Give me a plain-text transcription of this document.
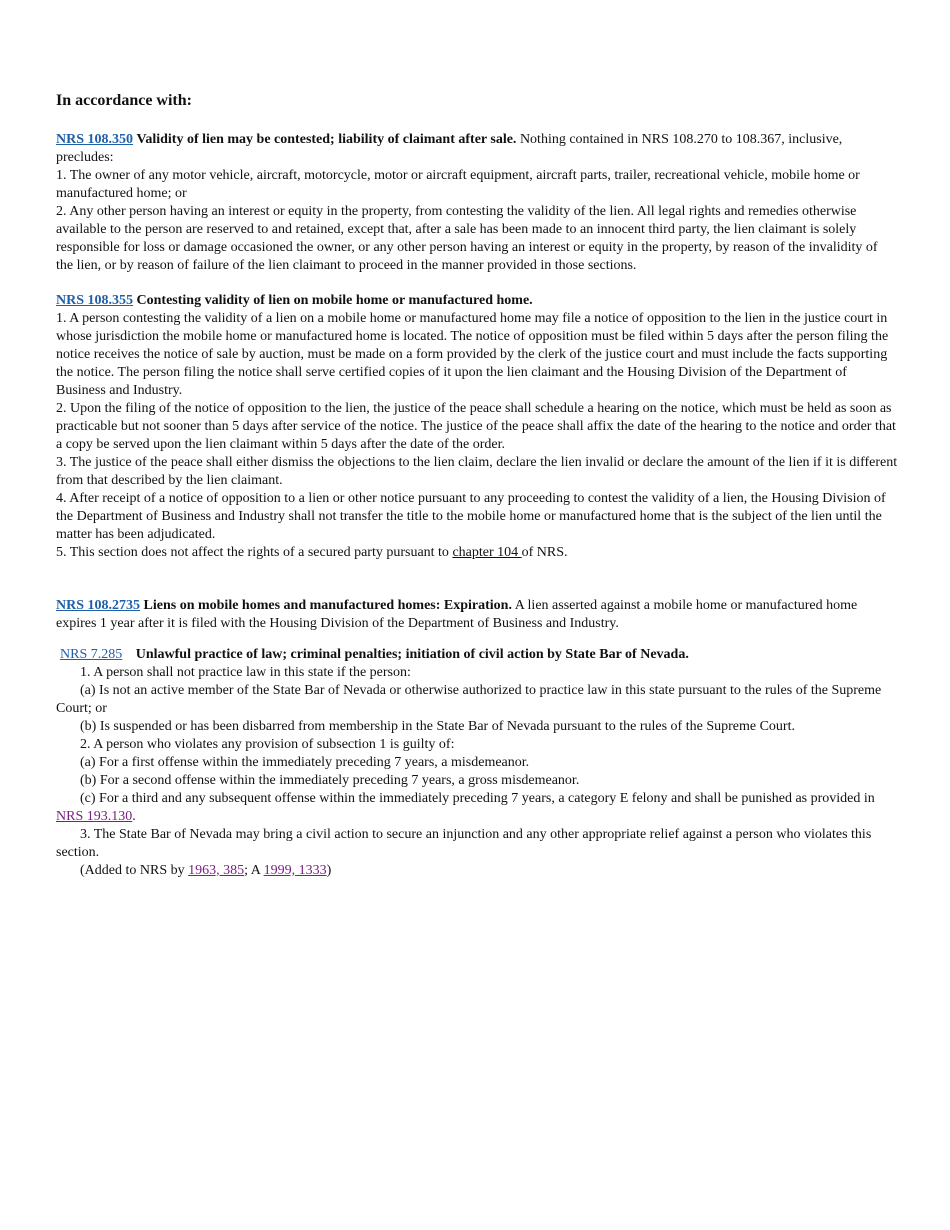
In accordance with:
NRS 108.350 Validity of lien may be contested; liability of claimant after sale. Nothing contained in NRS 108.270 to 108.367, inclusive, precludes:
1. The owner of any motor vehicle, aircraft, motorcycle, motor or aircraft equipment, aircraft parts, trailer, recreational vehicle, mobile home or manufactured home; or
2. Any other person having an interest or equity in the property, from contesting the validity of the lien. All legal rights and remedies otherwise available to the person are reserved to and retained, except that, after a sale has been made to an innocent third party, the lien claimant is solely responsible for loss or damage occasioned the owner, or any other person having an interest or equity in the property, by reason of the invalidity of the lien, or by reason of failure of the lien claimant to proceed in the manner provided in those sections.
NRS 108.355 Contesting validity of lien on mobile home or manufactured home.
1. A person contesting the validity of a lien on a mobile home or manufactured home may file a notice of opposition to the lien in the justice court in whose jurisdiction the mobile home or manufactured home is located. The notice of opposition must be filed within 5 days after the person filing the notice receives the notice of sale by auction, must be made on a form provided by the clerk of the justice court and must include the facts supporting the notice. The person filing the notice shall serve certified copies of it upon the lien claimant and the Housing Division of the Department of Business and Industry.
2. Upon the filing of the notice of opposition to the lien, the justice of the peace shall schedule a hearing on the notice, which must be held as soon as practicable but not sooner than 5 days after service of the notice. The justice of the peace shall affix the date of the hearing to the notice and order that a copy be served upon the lien claimant within 5 days after the date of the order.
3. The justice of the peace shall either dismiss the objections to the lien claim, declare the lien invalid or declare the amount of the lien if it is different from that described by the lien claimant.
4. After receipt of a notice of opposition to a lien or other notice pursuant to any proceeding to contest the validity of a lien, the Housing Division of the Department of Business and Industry shall not transfer the title to the mobile home or manufactured home that is the subject of the lien until the matter has been adjudicated.
5. This section does not affect the rights of a secured party pursuant to chapter 104 of NRS.
NRS 108.2735 Liens on mobile homes and manufactured homes: Expiration. A lien asserted against a mobile home or manufactured home expires 1 year after it is filed with the Housing Division of the Department of Business and Industry.
NRS 7.285 Unlawful practice of law; criminal penalties; initiation of civil action by State Bar of Nevada.
1. A person shall not practice law in this state if the person:
(a) Is not an active member of the State Bar of Nevada or otherwise authorized to practice law in this state pursuant to the rules of the Supreme Court; or
(b) Is suspended or has been disbarred from membership in the State Bar of Nevada pursuant to the rules of the Supreme Court.
2. A person who violates any provision of subsection 1 is guilty of:
(a) For a first offense within the immediately preceding 7 years, a misdemeanor.
(b) For a second offense within the immediately preceding 7 years, a gross misdemeanor.
(c) For a third and any subsequent offense within the immediately preceding 7 years, a category E felony and shall be punished as provided in NRS 193.130.
3. The State Bar of Nevada may bring a civil action to secure an injunction and any other appropriate relief against a person who violates this section.
(Added to NRS by 1963, 385; A 1999, 1333)
